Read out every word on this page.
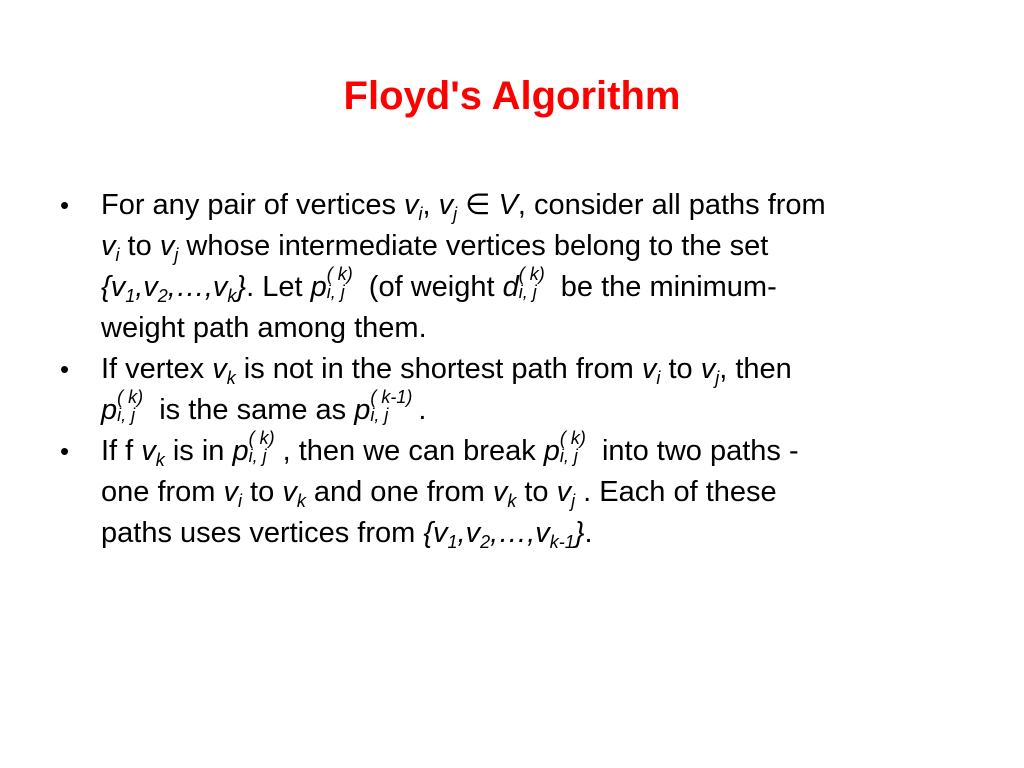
Floyd's Algorithm
•	For any pair of vertices $v_i$, $v_j$ ∈ V, consider all paths from
$v_i$ to $v_j$ whose intermediate vertices belong to the set
$\{v_1,v_2,\dots,v_k\}$. Let p ( k)
i, j (of weight d ( k)
i, j be the minimum-
weight path among them.
•	If vertex $v_k$ is not in the shortest path from $v_i$ to $v_j$, then
p ( k)
i, j is the same as p ( k-1)
i, j .
•	If f $v_k$ is in p ( k)
i, j , then we can break p ( k)
i, j into two paths -
one from $v_i$ to $v_k$ and one from $v_k$ to $v_j$ . Each of these
paths uses vertices from $\{v_1,v_2,\dots,v_{k-1}\}$.
